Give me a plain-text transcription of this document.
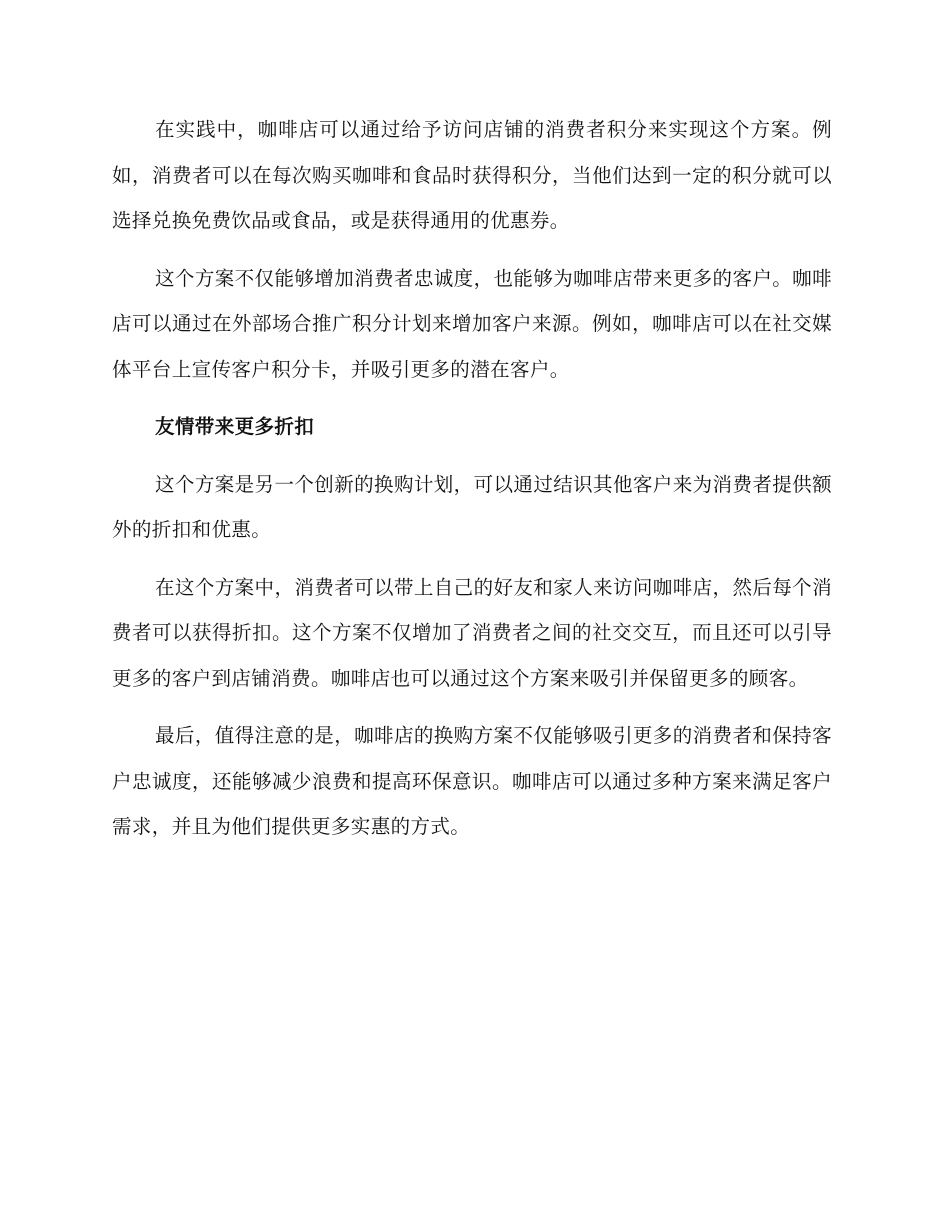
在实践中，咖啡店可以通过给予访问店铺的消费者积分来实现这个方案。例如，消费者可以在每次购买咖啡和食品时获得积分，当他们达到一定的积分就可以选择兑换免费饮品或食品，或是获得通用的优惠券。

这个方案不仅能够增加消费者忠诚度，也能够为咖啡店带来更多的客户。咖啡店可以通过在外部场合推广积分计划来增加客户来源。例如，咖啡店可以在社交媒体平台上宣传客户积分卡，并吸引更多的潜在客户。

友情带来更多折扣

这个方案是另一个创新的换购计划，可以通过结识其他客户来为消费者提供额外的折扣和优惠。

在这个方案中，消费者可以带上自己的好友和家人来访问咖啡店，然后每个消费者可以获得折扣。这个方案不仅增加了消费者之间的社交交互，而且还可以引导更多的客户到店铺消费。咖啡店也可以通过这个方案来吸引并保留更多的顾客。

最后，值得注意的是，咖啡店的换购方案不仅能够吸引更多的消费者和保持客户忠诚度，还能够减少浪费和提高环保意识。咖啡店可以通过多种方案来满足客户需求，并且为他们提供更多实惠的方式。
